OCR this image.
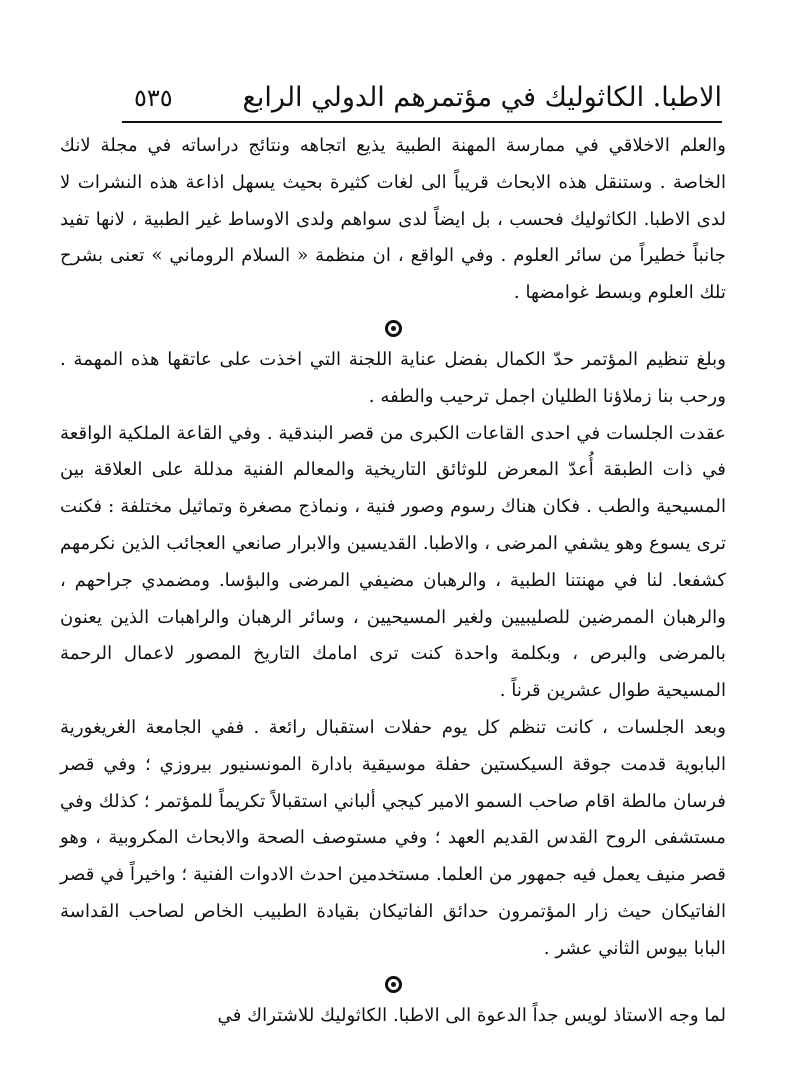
الاطبا. الكاثوليك في مؤتمرهم الدولي الرابع
٥٣٥

والعلم الاخلاقي في ممارسة المهنة الطبية يذيع اتجاهه ونتائج دراساته في مجلة لانك الخاصة . وستنقل هذه الابحاث قريباً الى لغات كثيرة بحيث يسهل اذاعة هذه النشرات لا لدى الاطبا. الكاثوليك فحسب ، بل ايضاً لدى سواهم ولدى الاوساط غير الطبية ، لانها تفيد جانباً خطيراً من سائر العلوم . وفي الواقع ، ان منظمة « السلام الروماني » تعنى بشرح تلك العلوم وبسط غوامضها .

وبلغ تنظيم المؤتمر حدّ الكمال بفضل عناية اللجنة التي اخذت على عاتقها هذه المهمة . ورحب بنا زملاؤنا الطليان اجمل ترحيب والطفه .

عقدت الجلسات في احدى القاعات الكبرى من قصر البندقية . وفي القاعة الملكية الواقعة في ذات الطبقة أُعدّ المعرض للوثائق التاريخية والمعالم الفنية مدللة على العلاقة بين المسيحية والطب . فكان هناك رسوم وصور فنية ، ونماذج مصغرة وتماثيل مختلفة : فكنت ترى يسوع وهو يشفي المرضى ، والاطبا. القديسين والابرار صانعي العجائب الذين نكرمهم كشفعا. لنا في مهنتنا الطبية ، والرهبان مضيفي المرضى والبؤسا. ومضمدي جراحهم ، والرهبان الممرضين للصليبيين ولغير المسيحيين ، وسائر الرهبان والراهبات الذين يعنون بالمرضى والبرص ، وبكلمة واحدة كنت ترى امامك التاريخ المصور لاعمال الرحمة المسيحية طوال عشرين قرناً .

وبعد الجلسات ، كانت تنظم كل يوم حفلات استقبال رائعة . ففي الجامعة الغريغورية البابوية قدمت جوقة السيكستين حفلة موسيقية بادارة المونسنيور بيروزي ؛ وفي قصر فرسان مالطة اقام صاحب السمو الامير كيجي ألباني استقبالاً تكريماً للمؤتمر ؛ كذلك وفي مستشفى الروح القدس القديم العهد ؛ وفي مستوصف الصحة والابحاث المكروبية ، وهو قصر منيف يعمل فيه جمهور من العلما. مستخدمين احدث الادوات الفنية ؛ واخيراً في قصر الفاتيكان حيث زار المؤتمرون حدائق الفاتيكان بقيادة الطبيب الخاص لصاحب القداسة البابا بيوس الثاني عشر .

لما وجه الاستاذ لويس جداً الدعوة الى الاطبا. الكاثوليك للاشتراك في
